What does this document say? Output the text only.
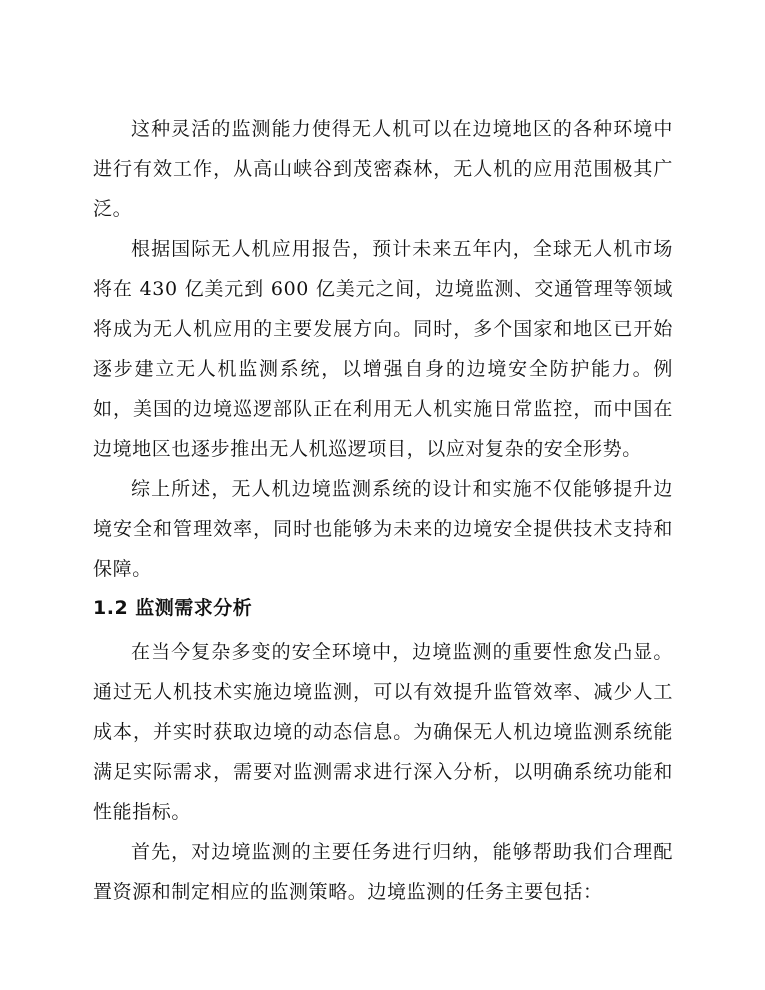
这种灵活的监测能力使得无人机可以在边境地区的各种环境中进行有效工作，从高山峡谷到茂密森林，无人机的应用范围极其广泛。

根据国际无人机应用报告，预计未来五年内，全球无人机市场将在 430 亿美元到 600 亿美元之间，边境监测、交通管理等领域将成为无人机应用的主要发展方向。同时，多个国家和地区已开始逐步建立无人机监测系统，以增强自身的边境安全防护能力。例如，美国的边境巡逻部队正在利用无人机实施日常监控，而中国在边境地区也逐步推出无人机巡逻项目，以应对复杂的安全形势。

综上所述，无人机边境监测系统的设计和实施不仅能够提升边境安全和管理效率，同时也能够为未来的边境安全提供技术支持和保障。

1.2 监测需求分析

在当今复杂多变的安全环境中，边境监测的重要性愈发凸显。通过无人机技术实施边境监测，可以有效提升监管效率、减少人工成本，并实时获取边境的动态信息。为确保无人机边境监测系统能满足实际需求，需要对监测需求进行深入分析，以明确系统功能和性能指标。

首先，对边境监测的主要任务进行归纳，能够帮助我们合理配置资源和制定相应的监测策略。边境监测的任务主要包括：
